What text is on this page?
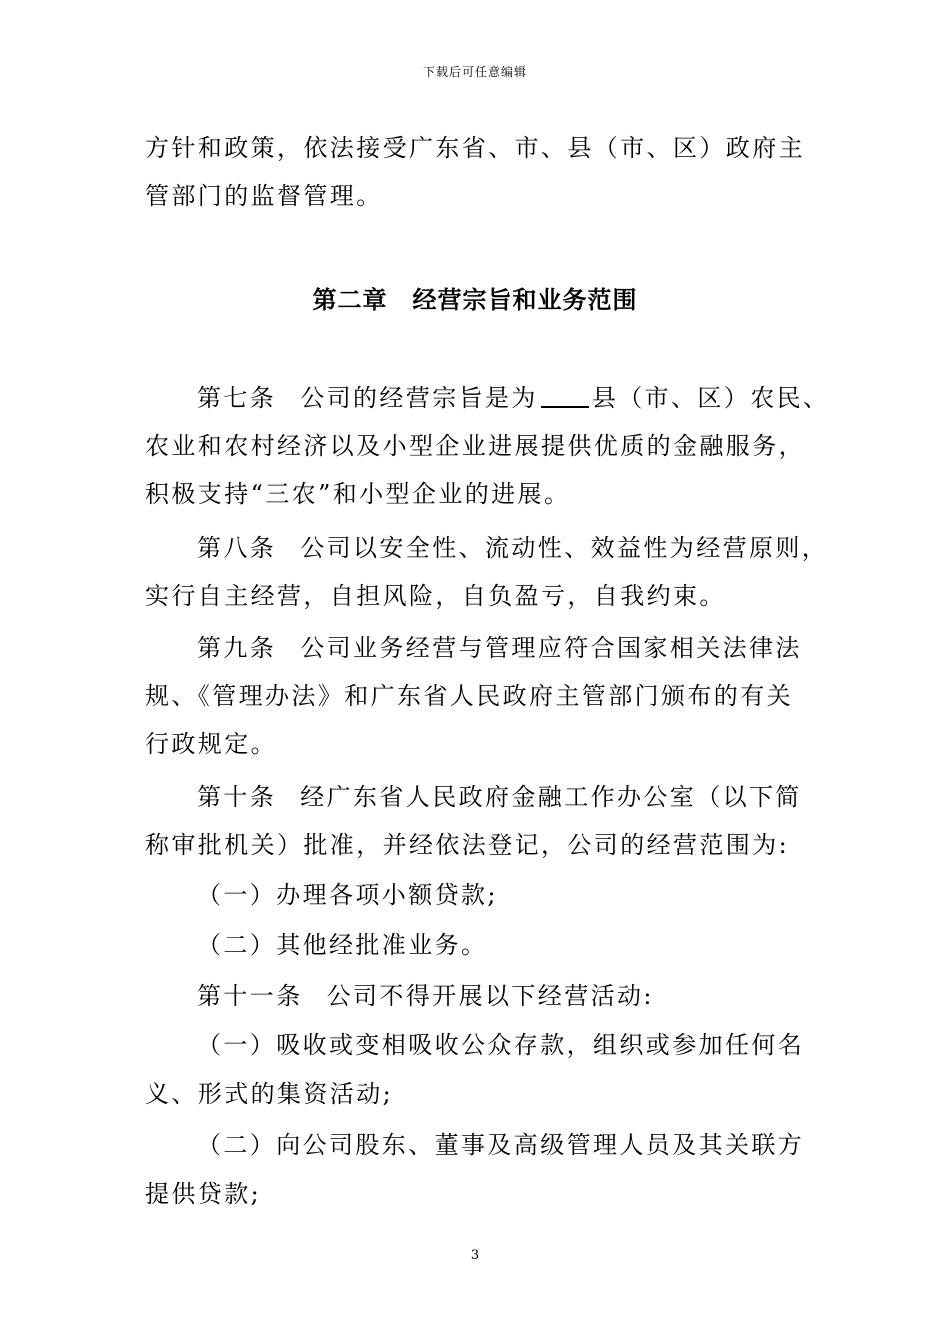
下载后可任意编辑
方针和政策，依法接受广东省、市、县（市、区）政府主
管部门的监督管理。
第二章　经营宗旨和业务范围
第七条 公司的经营宗旨是为 县（市、区）农民、
农业和农村经济以及小型企业进展提供优质的金融服务，
积极支持“三农”和小型企业的进展。
第八条 公司以安全性、流动性、效益性为经营原则，
实行自主经营，自担风险，自负盈亏，自我约束。
第九条 公司业务经营与管理应符合国家相关法律法
规、《管理办法》和广东省人民政府主管部门颁布的有关
行政规定。
第十条 经广东省人民政府金融工作办公室（以下简
称审批机关）批准，并经依法登记，公司的经营范围为:
（一）办理各项小额贷款;
（二）其他经批准业务。
第十一条 公司不得开展以下经营活动:
（一）吸收或变相吸收公众存款，组织或参加任何名
义、形式的集资活动;
（二）向公司股东、董事及高级管理人员及其关联方
提供贷款;
3
